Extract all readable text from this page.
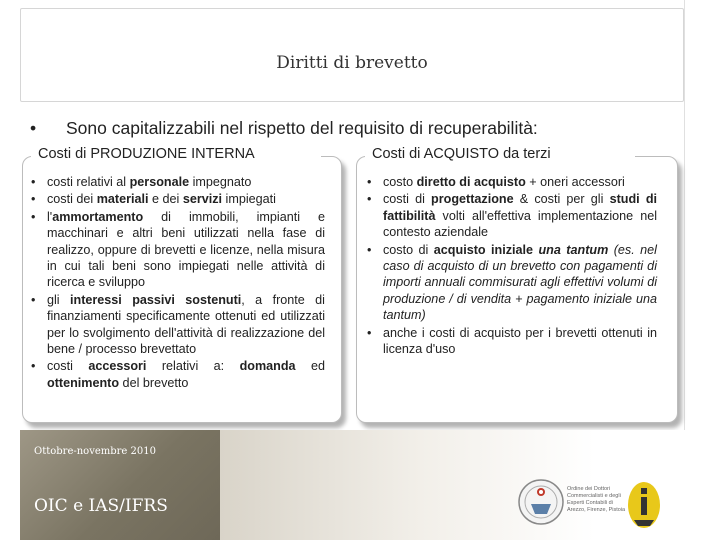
Diritti di brevetto
• Sono capitalizzabili nel rispetto del requisito di recuperabilità:
• costi relativi al personale impegnato
• costi dei materiali e dei servizi impiegati
• l'ammortamento di immobili, impianti e macchinari e altri beni utilizzati nella fase di realizzo, oppure di brevetti e licenze, nella misura in cui tali beni sono impiegati nelle attività di ricerca e sviluppo
• gli interessi passivi sostenuti, a fronte di finanziamenti specificamente ottenuti ed utilizzati per lo svolgimento dell'attività di realizzazione del bene / processo brevettato
• costi accessori relativi a: domanda ed ottenimento del brevetto
Costi di PRODUZIONE INTERNA
• costo diretto di acquisto + oneri accessori
• costi di progettazione & costi per gli studi di fattibilità volti all'effettiva implementazione nel contesto aziendale
• costo di acquisto iniziale una tantum (es. nel caso di acquisto di un brevetto con pagamenti di importi annuali commisurati agli effettivi volumi di produzione / di vendita + pagamento iniziale una tantum)
• anche i costi di acquisto per i brevetti ottenuti in licenza d'uso
Costi di ACQUISTO da terzi
Ottobre-novembre 2010
OIC e IAS/IFRS
Ordine dei Dottori Commercialisti e degli Esperti Contabili di Arezzo, Firenze, Pistoia
